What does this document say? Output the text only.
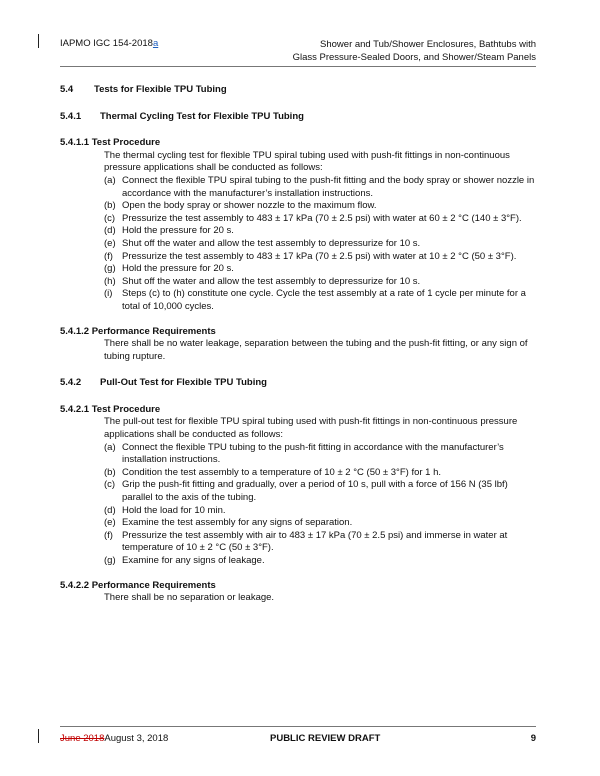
IAPMO IGC 154-2018a	Shower and Tub/Shower Enclosures, Bathtubs with
Glass Pressure-Sealed Doors, and Shower/Steam Panels

5.4 Tests for Flexible TPU Tubing

5.4.1 Thermal Cycling Test for Flexible TPU Tubing

5.4.1.1 Test Procedure

The thermal cycling test for flexible TPU spiral tubing used with push-fit fittings in non-continuous pressure applications shall be conducted as follows:

(a) Connect the flexible TPU spiral tubing to the push-fit fitting and the body spray or shower nozzle in accordance with the manufacturer’s installation instructions.
(b) Open the body spray or shower nozzle to the maximum flow.
(c) Pressurize the test assembly to 483 ± 17 kPa (70 ± 2.5 psi) with water at 60 ± 2 °C (140 ± 3°F).
(d) Hold the pressure for 20 s.
(e) Shut off the water and allow the test assembly to depressurize for 10 s.
(f) Pressurize the test assembly to 483 ± 17 kPa (70 ± 2.5 psi) with water at 10 ± 2 °C (50 ± 3°F).
(g) Hold the pressure for 20 s.
(h) Shut off the water and allow the test assembly to depressurize for 10 s.
(i) Steps (c) to (h) constitute one cycle. Cycle the test assembly at a rate of 1 cycle per minute for a total of 10,000 cycles.

5.4.1.2 Performance Requirements

There shall be no water leakage, separation between the tubing and the push-fit fitting, or any sign of tubing rupture.

5.4.2 Pull-Out Test for Flexible TPU Tubing

5.4.2.1 Test Procedure

The pull-out test for flexible TPU spiral tubing used with push-fit fittings in non-continuous pressure applications shall be conducted as follows:

(a) Connect the flexible TPU tubing to the push-fit fitting in accordance with the manufacturer’s installation instructions.
(b) Condition the test assembly to a temperature of 10 ± 2 °C (50 ± 3°F) for 1 h.
(c) Grip the push-fit fitting and gradually, over a period of 10 s, pull with a force of 156 N (35 lbf) parallel to the axis of the tubing.
(d) Hold the load for 10 min.
(e) Examine the test assembly for any signs of separation.
(f) Pressurize the test assembly with air to 483 ± 17 kPa (70 ± 2.5 psi) and immerse in water at temperature of 10 ± 2 °C (50 ± 3°F).
(g) Examine for any signs of leakage.

5.4.2.2 Performance Requirements

There shall be no separation or leakage.

June 2018August 3, 2018	PUBLIC REVIEW DRAFT	9
